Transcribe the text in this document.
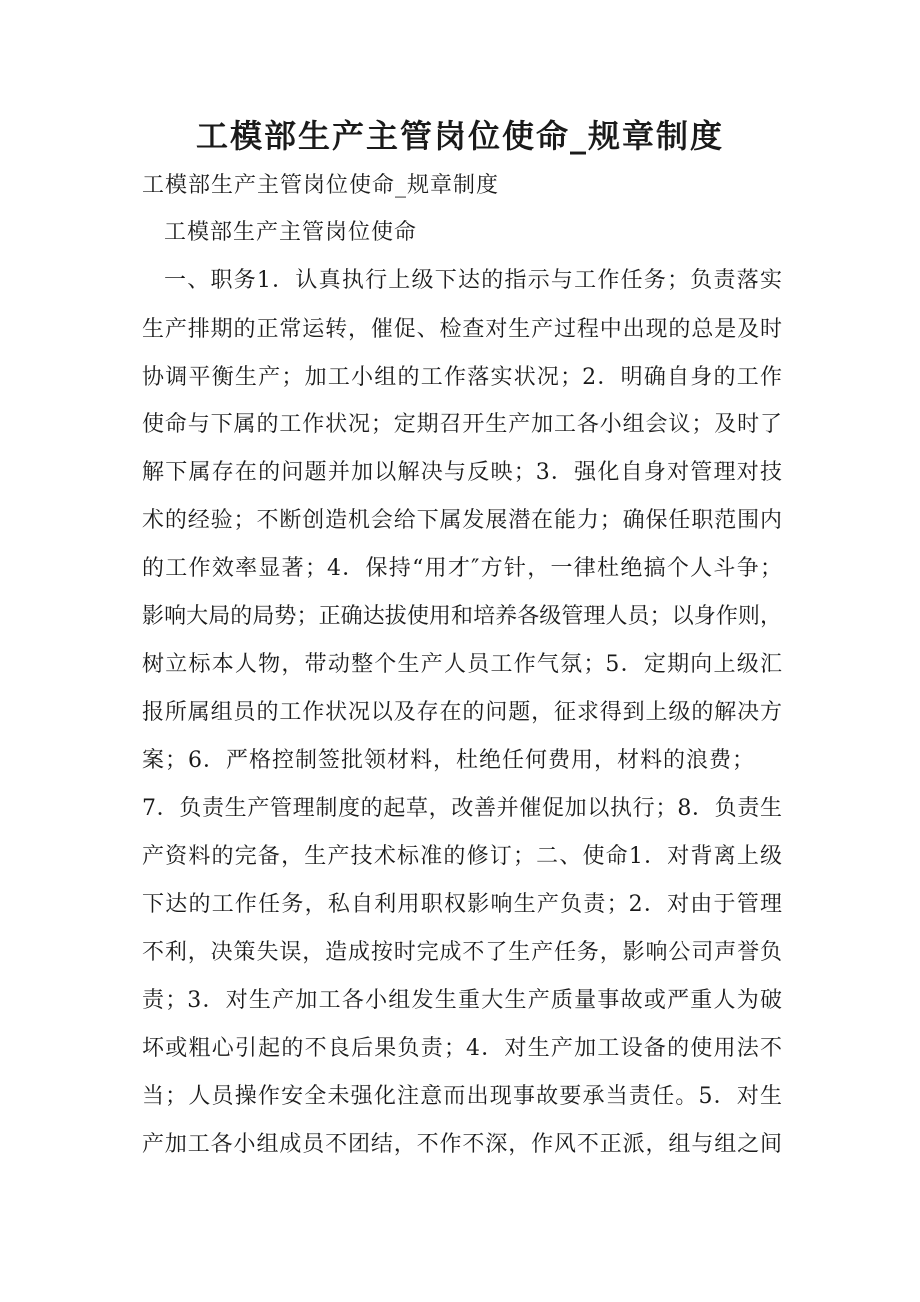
工模部生产主管岗位使命_规章制度
工模部生产主管岗位使命_规章制度
工模部生产主管岗位使命
一、职务1．认真执行上级下达的指示与工作任务；负责落实
生产排期的正常运转，催促、检查对生产过程中出现的总是及时
协调平衡生产；加工小组的工作落实状况；2．明确自身的工作
使命与下属的工作状况；定期召开生产加工各小组会议；及时了
解下属存在的问题并加以解决与反映；3．强化自身对管理对技
术的经验；不断创造机会给下属发展潜在能力；确保任职范围内
的工作效率显著；4．保持“用才″方针，一律杜绝搞个人斗争；
影响大局的局势；正确达拔使用和培养各级管理人员；以身作则，
树立标本人物，带动整个生产人员工作气氛；5．定期向上级汇
报所属组员的工作状况以及存在的问题，征求得到上级的解决方
案；6．严格控制签批领材料，杜绝任何费用，材料的浪费；
7．负责生产管理制度的起草，改善并催促加以执行；8．负责生
产资料的完备，生产技术标准的修订；二、使命1．对背离上级
下达的工作任务，私自利用职权影响生产负责；2．对由于管理
不利，决策失误，造成按时完成不了生产任务，影响公司声誉负
责；3．对生产加工各小组发生重大生产质量事故或严重人为破
坏或粗心引起的不良后果负责；4．对生产加工设备的使用法不
当；人员操作安全未强化注意而出现事故要承当责任。5．对生
产加工各小组成员不团结，不作不深，作风不正派，组与组之间
